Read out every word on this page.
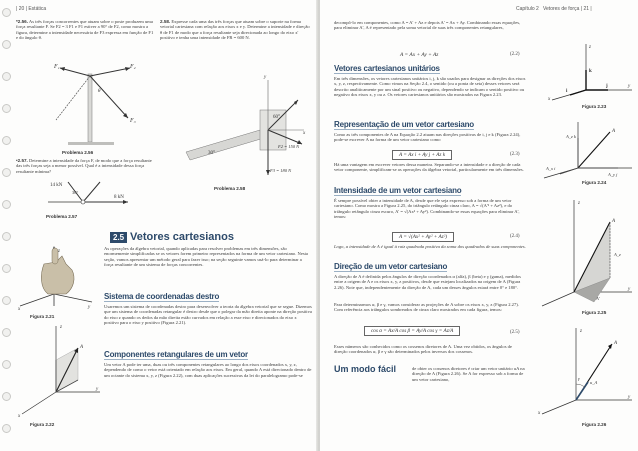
| 20 | Estática
*2.56. As três forças concorrentes que atuam sobre o poste produzem uma força resultante F. Se F2 = 3 F1 e F1 estiver a 90° de F2, como mostra a figura, determine a intensidade necessária de F3 expressa em função de F1 e do ângulo θ.
2.58. Expresse cada uma das três forças que atuam sobre o suporte na forma vetorial cartesiana com relação aos eixos x e y. Determine a intensidade e direção θ de F1 de modo que a força resultante seja direcionada ao longo do eixo x' positivo e tenha uma intensidade de FR = 600 N.
F₁	F₂
F₃
θ
Problema 2.56
y
x
30°
60°
F2 = 150 N
F3 = 180 N
Problema 2.58
•2.57. Determine a intensidade da força F, de modo que a força resultante das três forças seja a menor possível. Qual é a intensidade dessa força resultante mínima?
14 kN
8 kN
30°
Problema 2.57
2.5 Vetores cartesianos
z
x	y
Figura 2.21
As operações da álgebra vetorial, quando aplicadas para resolver problemas em três dimensões, são enormemente simplificadas se os vetores forem primeiro representados na forma de um vetor cartesiano. Nesta seção, vamos apresentar um método geral para fazer isso; na seção seguinte vamos usá-lo para determinar a força resultante de um sistema de forças concorrentes.
Sistema de coordenadas destro
Usaremos um sistema de coordenadas destro para desenvolver a teoria da álgebra vetorial que se segue. Dizemos que um sistema de coordenadas retangular é destro desde que o polegar da mão direita aponte na direção positiva do eixo z quando os dedos da mão direita estão curvados em relação a esse eixo e direcionados do eixo x positivo para o eixo y positivo (Figura 2.21).
Componentes retangulares de um vetor
Um vetor A pode ter uma, duas ou três componentes retangulares ao longo dos eixos coordenados x, y, z, dependendo de como o vetor está orientado em relação aos eixos. Em geral, quando A está direcionado dentro de um octante do sistema x, y, z (Figura 2.22), com duas aplicações sucessivas da lei do paralelogramo pode-se
z
x
y
A
Figura 2.22
Capítulo 2 Vetores de força | 21 |
decompô-lo em componentes, como A = A' + Az e depois A' = Ax + Ay. Combinando essas equações, para eliminar A', A é representado pela soma vetorial de suas três componentes retangulares,
A = Ax + Ay + Az	(2.2)
Vetores cartesianos unitários
Em três dimensões, os vetores cartesianos unitários i, j, k são usados para designar as direções dos eixos x, y, z, respectivamente. Como vimos na Seção 2.4, o sentido (ou a ponta de seta) desses vetores será descrito analiticamente por um sinal positivo ou negativo, dependendo se indicam o sentido positivo ou negativo dos eixos x, y ou z. Os vetores cartesianos unitários são mostrados na Figura 2.23.
Representação de um vetor cartesiano
Como as três componentes de A na Equação 2.2 atuam nas direções positivas de i, j e k (Figura 2.24), pode-se escrever A na forma de um vetor cartesiano como
A = Ax i + Ay j + Az k	(2.3)
Há uma vantagem em escrever vetores dessa maneira. Separando-se a intensidade e a direção de cada vetor componente, simplificam-se as operações da álgebra vetorial, particularmente em três dimensões.
Intensidade de um vetor cartesiano
É sempre possível obter a intensidade de A, desde que ele seja expresso sob a forma de um vetor cartesiano. Como mostra a Figura 2.25, do triângulo retângulo cinza claro, A = √(A'² + Az²), e do triângulo retângulo cinza escuro, A' = √(Ax² + Ay²). Combinando-se essas equações para eliminar A', temos:
A = √(Ax² + Ay² + Az²)	(2.4)
Logo, a intensidade de A é igual à raiz quadrada positiva da soma dos quadrados de suas componentes.
Direção de um vetor cartesiano
A direção de A é definida pelos ângulos de direção coordenados α (alfa), β (beta) e γ (gama), medidos entre a origem de A e os eixos x, y, z positivos, desde que estejam localizados na origem de A (Figura 2.26). Note que, independentemente da direção de A, cada um desses ângulos estará entre 0° e 180°.
Para determinarmos α, β e γ, vamos considerar as projeções de A sobre os eixos x, y, z (Figura 2.27). Com referência aos triângulos sombreados de cinza claro mostrados em cada figura, temos:
cos α = Ax/A cos β = Ay/A cos γ = Az/A	(2.5)
Esses números são conhecidos como os cossenos diretores de A. Uma vez obtidos, os ângulos de direção coordenados α, β e γ são determinados pelos inversos dos cossenos.
Um modo fácil	de obter os cossenos diretores é criar um vetor unitário uA na direção de A (Figura 2.26). Se A for expresso sob a forma de um vetor cartesiano,
k
i
j
z
y
x
Figura 2.23
A
A_z k
A_x i
A_y j
Figura 2.24
A
A_z
A'
z
y
Figura 2.25
A
u_A
γ
z
y
x
Figura 2.26
